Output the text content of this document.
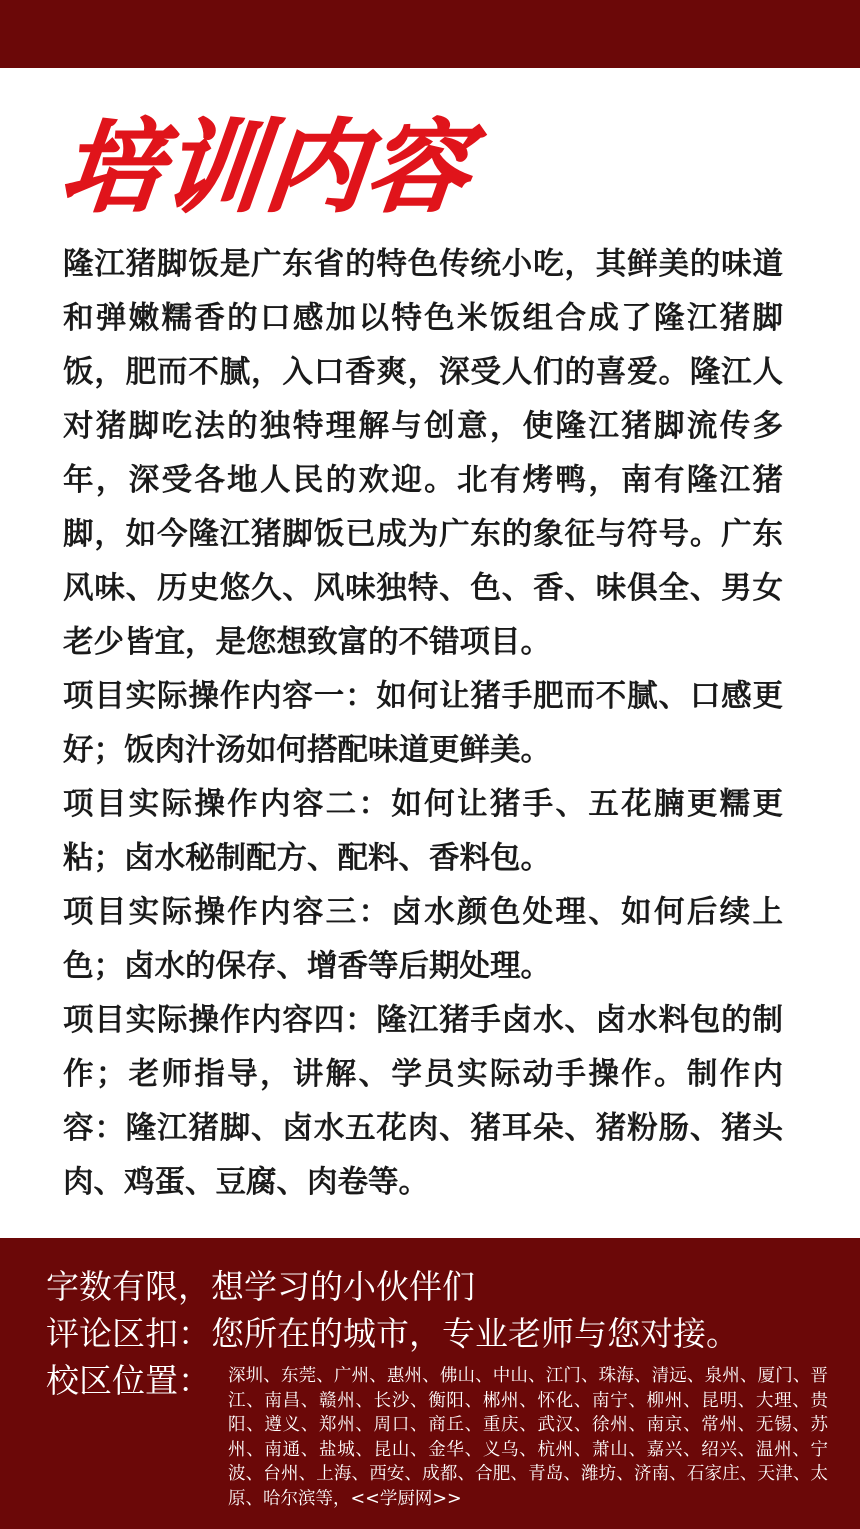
培训内容

隆江猪脚饭是广东省的特色传统小吃，其鲜美的味道和弹嫩糯香的口感加以特色米饭组合成了隆江猪脚饭，肥而不腻，入口香爽，深受人们的喜爱。隆江人对猪脚吃法的独特理解与创意，使隆江猪脚流传多年，深受各地人民的欢迎。北有烤鸭，南有隆江猪脚，如今隆江猪脚饭已成为广东的象征与符号。广东风味、历史悠久、风味独特、色、香、味俱全、男女老少皆宜，是您想致富的不错项目。

项目实际操作内容一：如何让猪手肥而不腻、口感更好；饭肉汁汤如何搭配味道更鲜美。

项目实际操作内容二：如何让猪手、五花腩更糯更粘；卤水秘制配方、配料、香料包。

项目实际操作内容三：卤水颜色处理、如何后续上色；卤水的保存、增香等后期处理。

项目实际操作内容四：隆江猪手卤水、卤水料包的制作；老师指导，讲解、学员实际动手操作。制作内容：隆江猪脚、卤水五花肉、猪耳朵、猪粉肠、猪头肉、鸡蛋、豆腐、肉卷等。

字数有限，想学习的小伙伴们
评论区扣：您所在的城市，专业老师与您对接。
校区位置： 深圳、东莞、广州、惠州、佛山、中山、江门、珠海、清远、泉州、厦门、晋江、南昌、赣州、长沙、衡阳、郴州、怀化、南宁、柳州、昆明、大理、贵阳、遵义、郑州、周口、商丘、重庆、武汉、徐州、南京、常州、无锡、苏州、南通、盐城、昆山、金华、义乌、杭州、萧山、嘉兴、绍兴、温州、宁波、台州、上海、西安、成都、合肥、青岛、潍坊、济南、石家庄、天津、太原、哈尔滨等，<<学厨网>>
